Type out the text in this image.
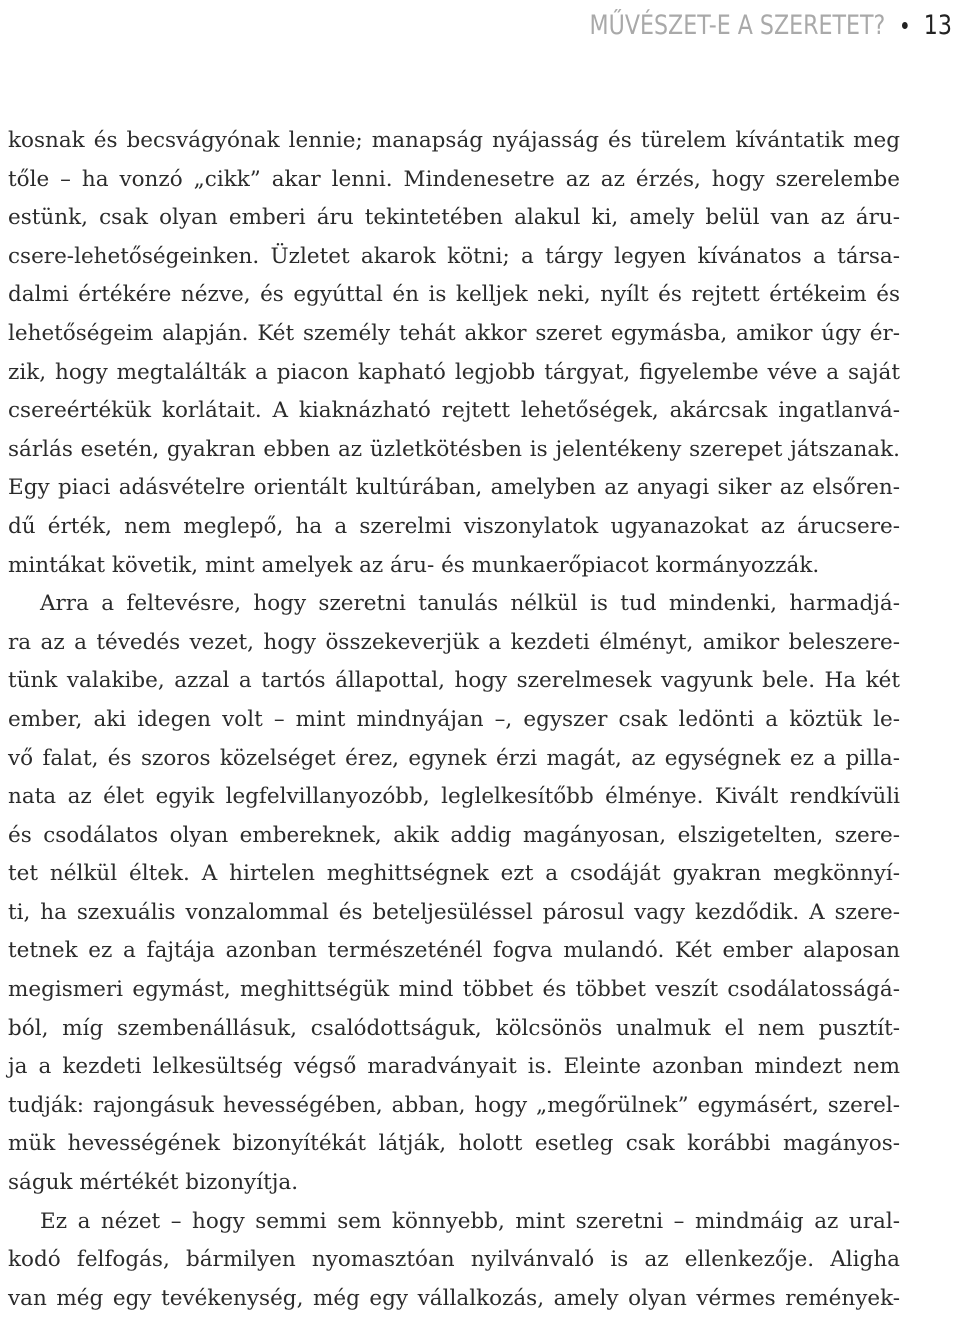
MŰVÉSZET-E A SZERETET? 13
kosnak és becsvágyónak lennie; manapság nyájasság és türelem kívántatik meg
tőle – ha vonzó „cikk” akar lenni. Mindenesetre az az érzés, hogy szerelembe
estünk, csak olyan emberi áru tekintetében alakul ki, amely belül van az áru-
csere-lehetőségeinken. Üzletet akarok kötni; a tárgy legyen kívánatos a társa-
dalmi értékére nézve, és egyúttal én is kelljek neki, nyílt és rejtett értékeim és
lehetőségeim alapján. Két személy tehát akkor szeret egymásba, amikor úgy ér-
zik, hogy megtalálták a piacon kapható legjobb tárgyat, figyelembe véve a saját
csereértékük korlátait. A kiaknázható rejtett lehetőségek, akárcsak ingatlanvá-
sárlás esetén, gyakran ebben az üzletkötésben is jelentékeny szerepet játszanak.
Egy piaci adásvételre orientált kultúrában, amelyben az anyagi siker az elsőren-
dű érték, nem meglepő, ha a szerelmi viszonylatok ugyanazokat az árucsere-
mintákat követik, mint amelyek az áru- és munkaerőpiacot kormányozzák.
Arra a feltevésre, hogy szeretni tanulás nélkül is tud mindenki, harmadjá-
ra az a tévedés vezet, hogy összekeverjük a kezdeti élményt, amikor beleszere-
tünk valakibe, azzal a tartós állapottal, hogy szerelmesek vagyunk bele. Ha két
ember, aki idegen volt – mint mindnyájan –, egyszer csak ledönti a köztük le-
vő falat, és szoros közelséget érez, egynek érzi magát, az egységnek ez a pilla-
nata az élet egyik legfelvillanyozóbb, leglelkesítőbb élménye. Kivált rendkívüli
és csodálatos olyan embereknek, akik addig magányosan, elszigetelten, szere-
tet nélkül éltek. A hirtelen meghittségnek ezt a csodáját gyakran megkönnyí-
ti, ha szexuális vonzalommal és beteljesüléssel párosul vagy kezdődik. A szere-
tetnek ez a fajtája azonban természeténél fogva mulandó. Két ember alaposan
megismeri egymást, meghittségük mind többet és többet veszít csodálatosságá-
ból, míg szembenállásuk, csalódottságuk, kölcsönös unalmuk el nem pusztít-
ja a kezdeti lelkesültség végső maradványait is. Eleinte azonban mindezt nem
tudják: rajongásuk hevességében, abban, hogy „megőrülnek” egymásért, szerel-
mük hevességének bizonyítékát látják, holott esetleg csak korábbi magányos-
ságuk mértékét bizonyítja.
Ez a nézet – hogy semmi sem könnyebb, mint szeretni – mindmáig az ural-
kodó felfogás, bármilyen nyomasztóan nyilvánvaló is az ellenkezője. Aligha
van még egy tevékenység, még egy vállalkozás, amely olyan vérmes remények-
